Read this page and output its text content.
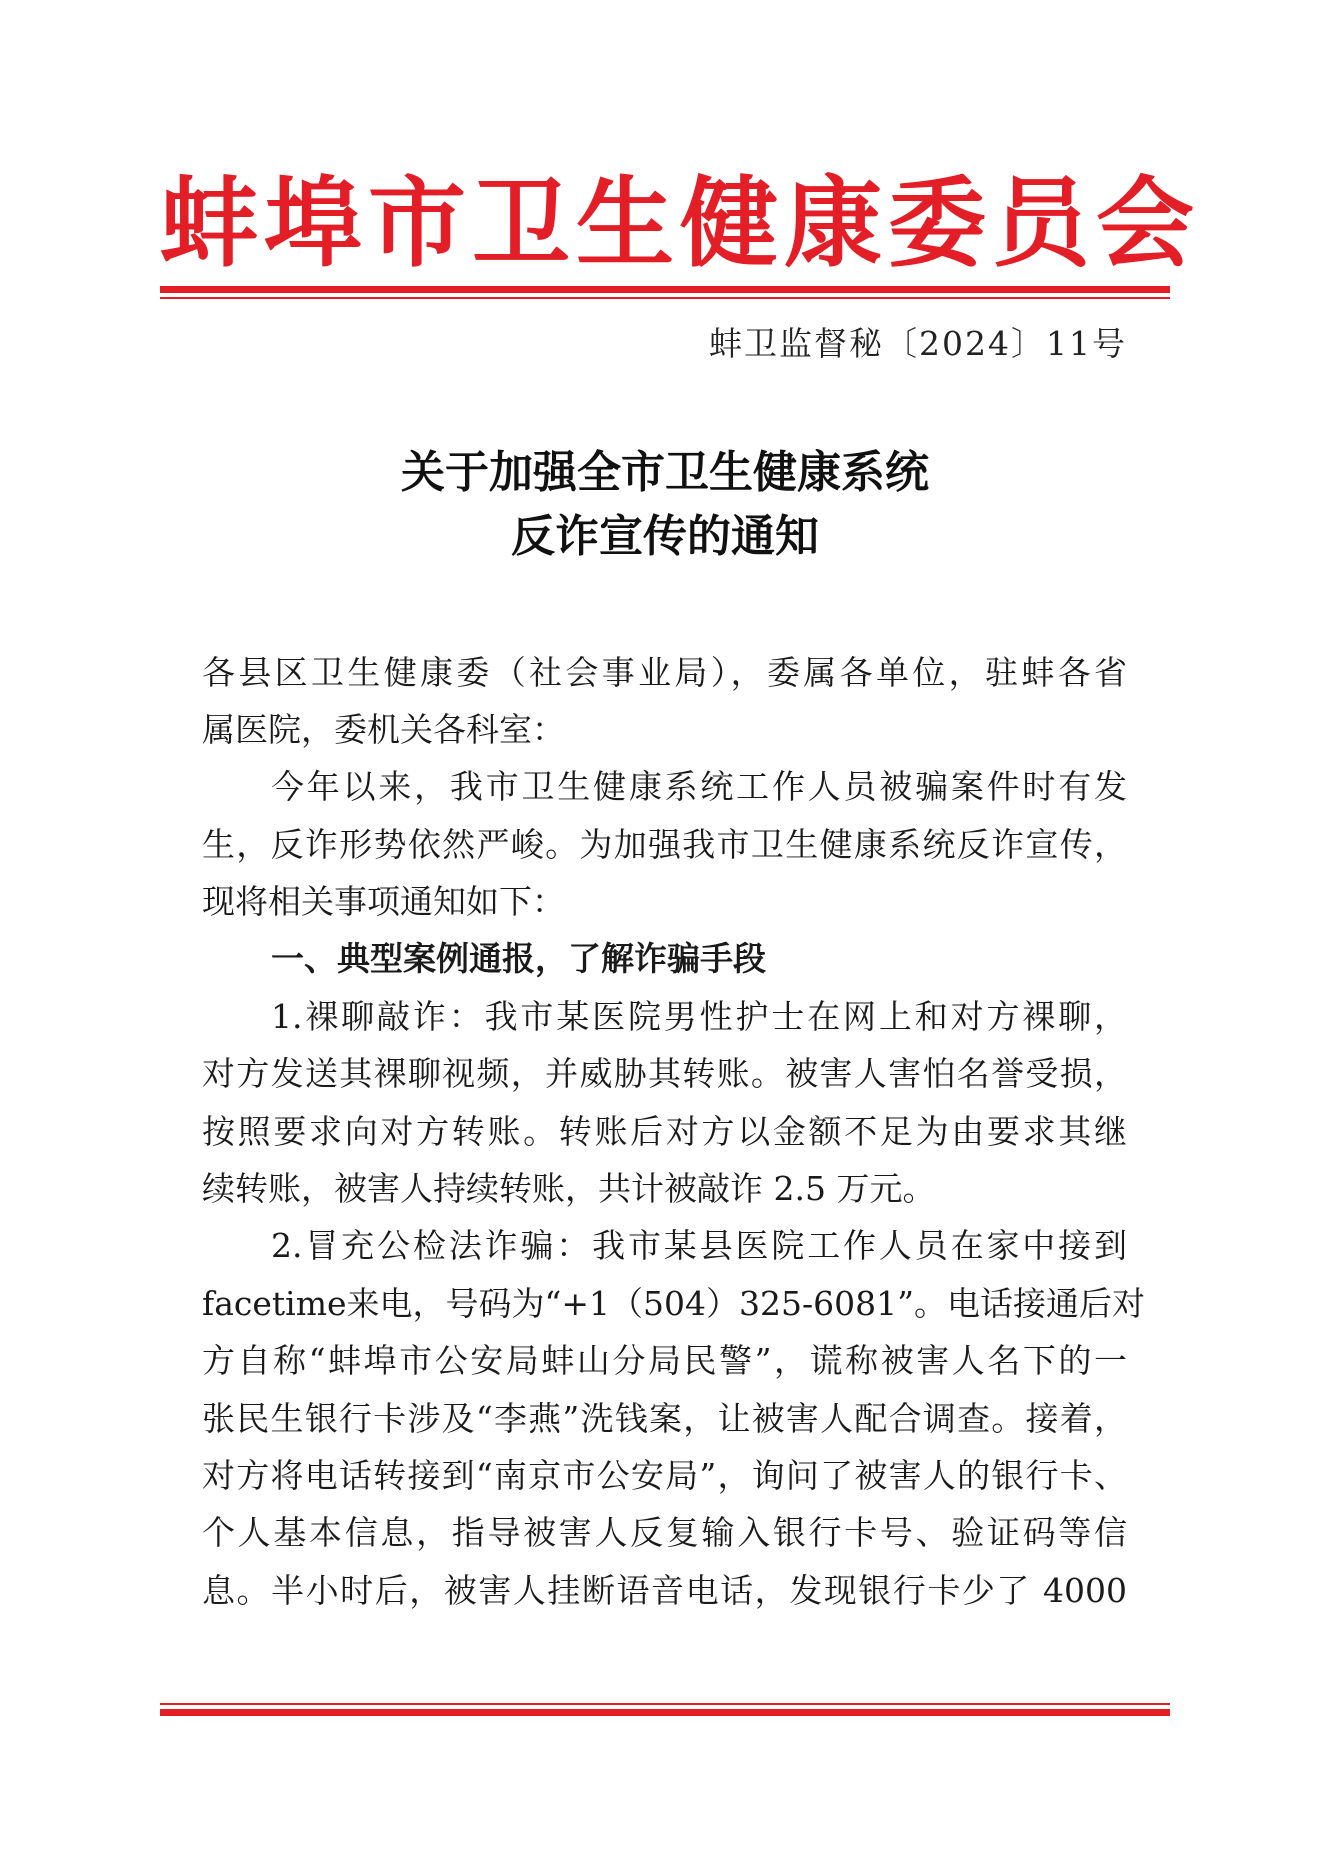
蚌埠市卫生健康委员会
蚌卫监督秘〔2024〕11号
关于加强全市卫生健康系统
反诈宣传的通知
各县区卫生健康委（社会事业局），委属各单位，驻蚌各省
属医院，委机关各科室：
今年以来，我市卫生健康系统工作人员被骗案件时有发
生，反诈形势依然严峻。为加强我市卫生健康系统反诈宣传，
现将相关事项通知如下：
一、典型案例通报，了解诈骗手段
1.裸聊敲诈：我市某医院男性护士在网上和对方裸聊，
对方发送其裸聊视频，并威胁其转账。被害人害怕名誉受损，
按照要求向对方转账。转账后对方以金额不足为由要求其继
续转账，被害人持续转账，共计被敲诈 2.5 万元。
2.冒充公检法诈骗：我市某县医院工作人员在家中接到
facetime来电，号码为“+1（504）325-6081”。电话接通后对
方自称“蚌埠市公安局蚌山分局民警”，谎称被害人名下的一
张民生银行卡涉及“李燕”洗钱案，让被害人配合调查。接着，
对方将电话转接到“南京市公安局”，询问了被害人的银行卡、
个人基本信息，指导被害人反复输入银行卡号、验证码等信
息。半小时后，被害人挂断语音电话，发现银行卡少了 4000
